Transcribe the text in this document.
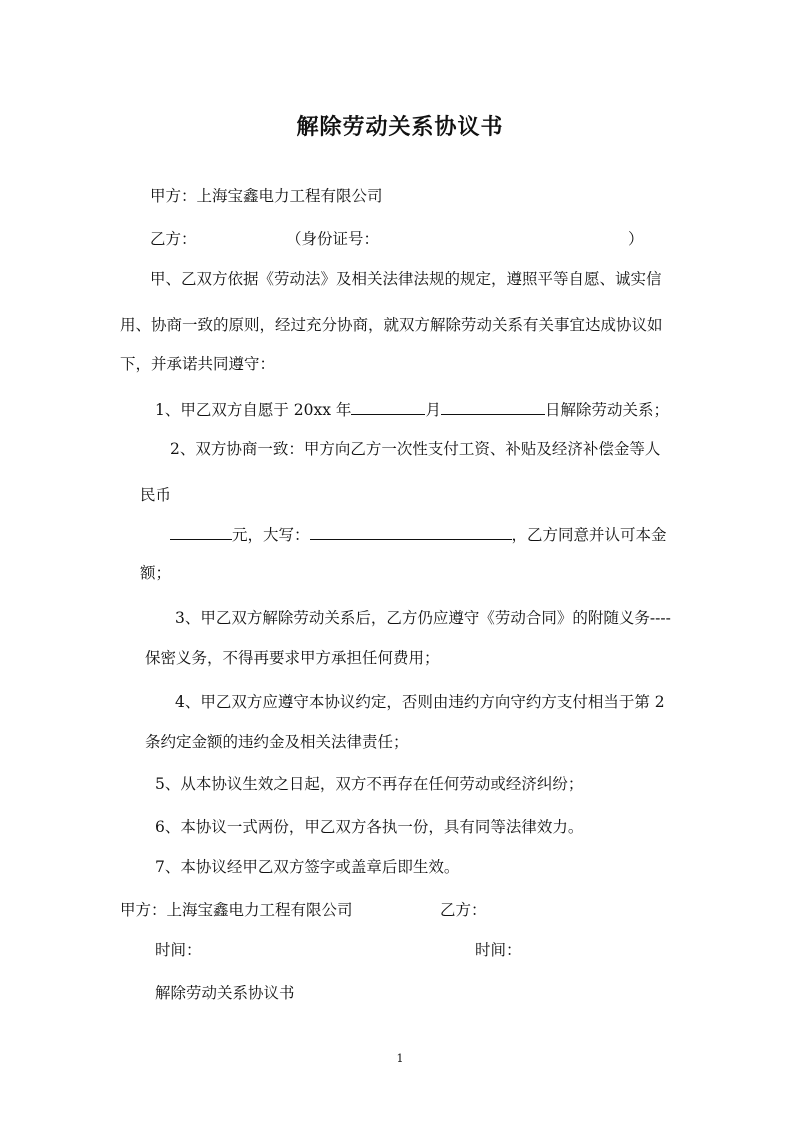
解除劳动关系协议书
甲方：上海宝鑫电力工程有限公司
乙方：	（身份证号：	）
甲、乙双方依据《劳动法》及相关法律法规的规定，遵照平等自愿、诚实信
用、协商一致的原则，经过充分协商，就双方解除劳动关系有关事宜达成协议如
下，并承诺共同遵守：
1、甲乙双方自愿于 20xx 年	月	日解除劳动关系；
2、双方协商一致：甲方向乙方一次性支付工资、补贴及经济补偿金等人
民币
元，大写：	，乙方同意并认可本金
额；
3、甲乙双方解除劳动关系后，乙方仍应遵守《劳动合同》的附随义务----
保密义务，不得再要求甲方承担任何费用；
4、甲乙双方应遵守本协议约定，否则由违约方向守约方支付相当于第 2
条约定金额的违约金及相关法律责任；
5、从本协议生效之日起，双方不再存在任何劳动或经济纠纷；
6、本协议一式两份，甲乙双方各执一份，具有同等法律效力。
7、本协议经甲乙双方签字或盖章后即生效。
甲方：上海宝鑫电力工程有限公司	乙方：
时间：	时间：
解除劳动关系协议书
1
